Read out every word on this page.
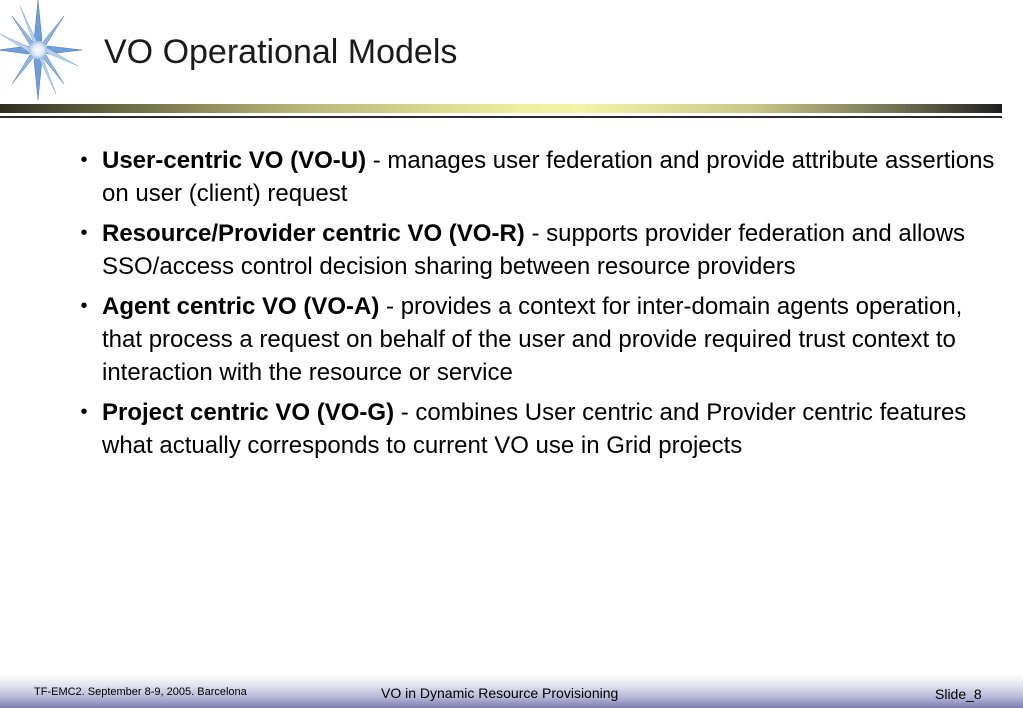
VO Operational Models
• User-centric VO (VO-U) - manages user federation and provide attribute assertions on user (client) request
• Resource/Provider centric VO (VO-R) - supports provider federation and allows SSO/access control decision sharing between resource providers
• Agent centric VO (VO-A) - provides a context for inter-domain agents operation, that process a request on behalf of the user and provide required trust context to interaction with the resource or service
• Project centric VO (VO-G) - combines User centric and Provider centric features what actually corresponds to current VO use in Grid projects
TF-EMC2. September 8-9, 2005. Barcelona	VO in Dynamic Resource Provisioning	Slide_8
